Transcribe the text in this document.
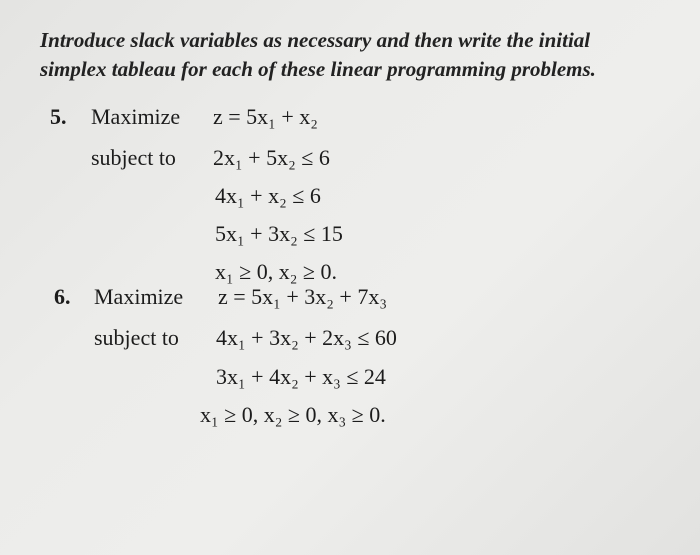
Introduce slack variables as necessary and then write the initial
simplex tableau for each of these linear programming problems.
5. Maximize z = 5x₁ + x₂
subject to 2x₁ + 5x₂ ≤ 6
4x₁ + x₂ ≤ 6
5x₁ + 3x₂ ≤ 15
x₁ ≥ 0, x₂ ≥ 0.
6. Maximize z = 5x₁ + 3x₂ + 7x₃
subject to 4x₁ + 3x₂ + 2x₃ ≤ 60
3x₁ + 4x₂ + x₃ ≤ 24
x₁ ≥ 0, x₂ ≥ 0, x₃ ≥ 0.
